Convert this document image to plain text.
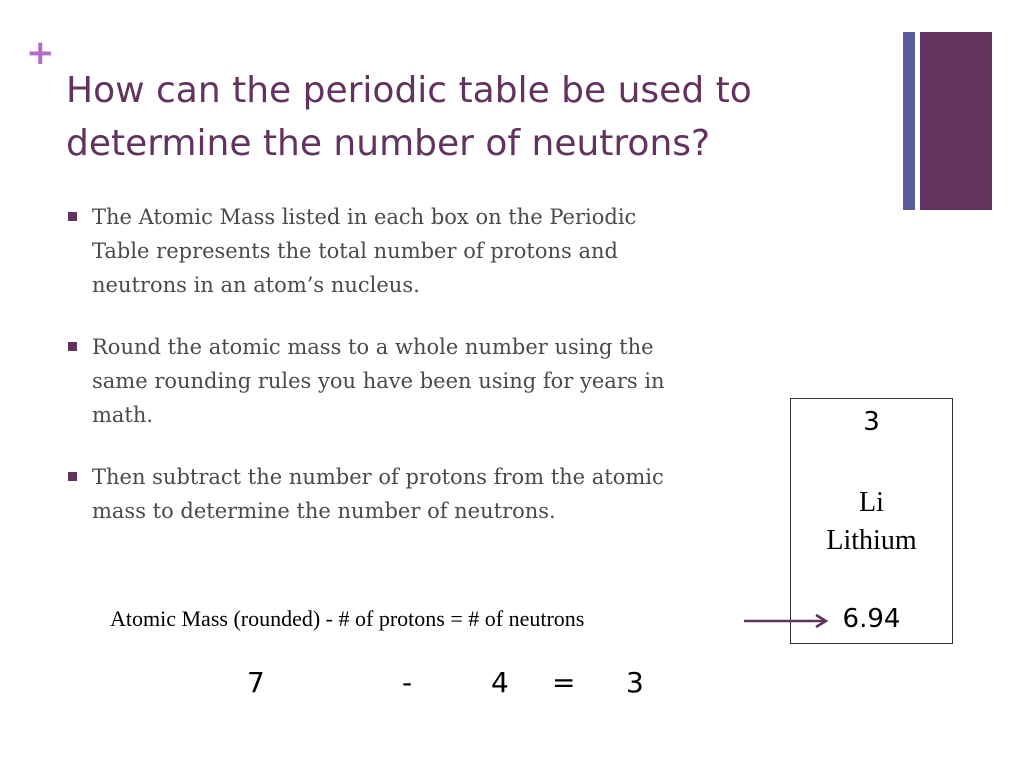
+
How can the periodic table be used to determine the number of neutrons?
The Atomic Mass listed in each box on the Periodic Table represents the total number of protons and neutrons in an atom’s nucleus.
Round the atomic mass to a whole number using the same rounding rules you have been using for years in math.
Then subtract the number of protons from the atomic mass to determine the number of neutrons.
3
Li
Lithium
6.94
Atomic Mass (rounded) - # of protons = # of neutrons
7	-	4 = 3
